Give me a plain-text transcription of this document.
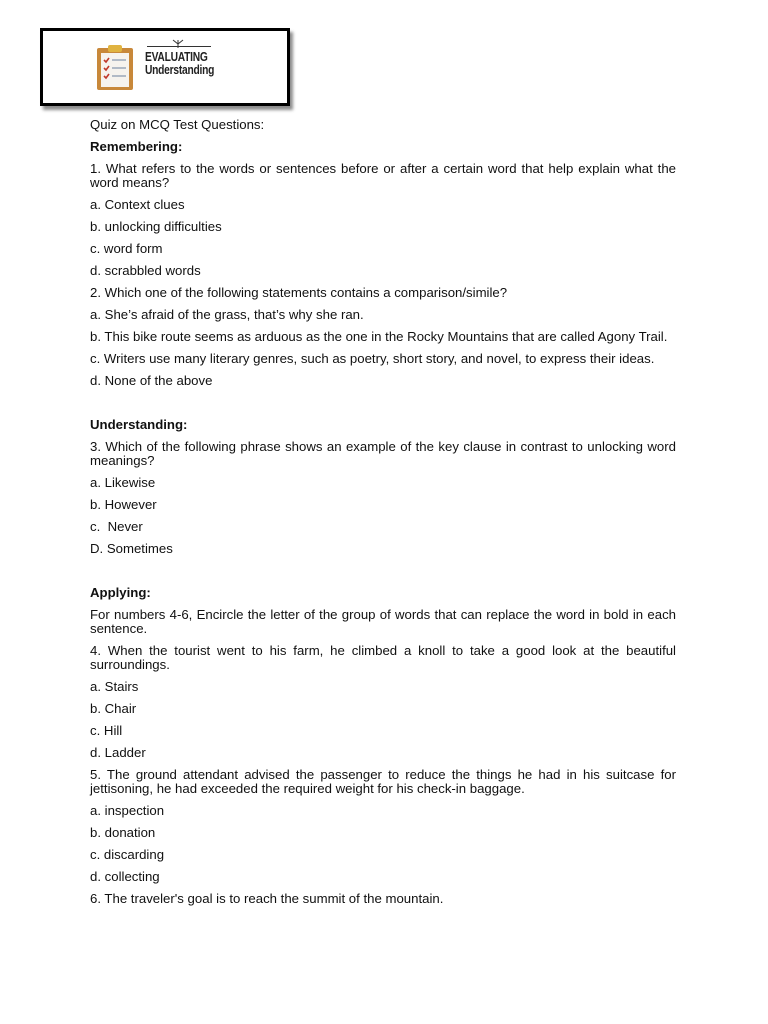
EVALUATING
Understanding

Quiz on MCQ Test Questions:

Remembering:

1. What refers to the words or sentences before or after a certain word that help explain what the word means?

a. Context clues

b. unlocking difficulties

c. word form

d. scrabbled words

2. Which one of the following statements contains a comparison/simile?

a. She’s afraid of the grass, that’s why she ran.

b. This bike route seems as arduous as the one in the Rocky Mountains that are called Agony Trail.

c. Writers use many literary genres, such as poetry, short story, and novel, to express their ideas.

d. None of the above

Understanding:

3. Which of the following phrase shows an example of the key clause in contrast to unlocking word meanings?

a. Likewise

b. However

c.  Never

D. Sometimes

Applying:

For numbers 4-6, Encircle the letter of the group of words that can replace the word in bold in each sentence.

4. When the tourist went to his farm, he climbed a knoll to take a good look at the beautiful surroundings.

a. Stairs

b. Chair

c. Hill

d. Ladder

5. The ground attendant advised the passenger to reduce the things he had in his suitcase for jettisoning, he had exceeded the required weight for his check-in baggage.

a. inspection

b. donation

c. discarding

d. collecting

6. The traveler's goal is to reach the summit of the mountain.
